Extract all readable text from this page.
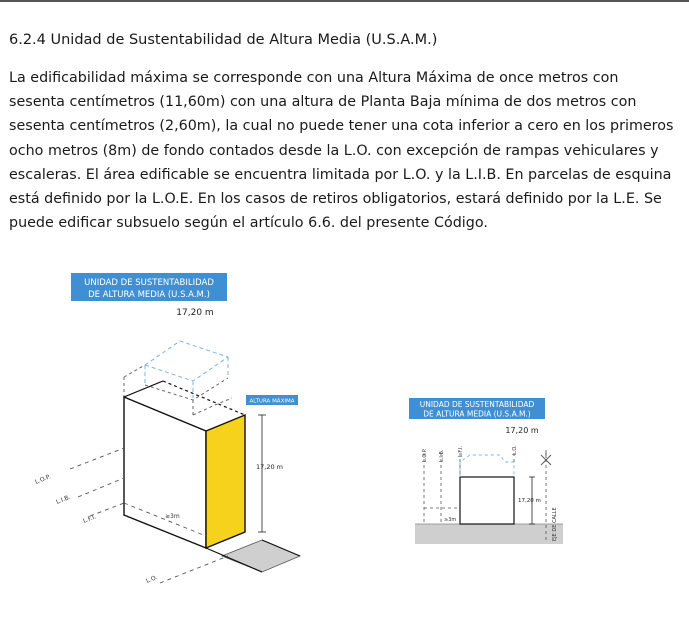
6.2.4 Unidad de Sustentabilidad de Altura Media (U.S.A.M.)
La edificabilidad máxima se corresponde con una Altura Máxima de once metros con
sesenta centímetros (11,60m) con una altura de Planta Baja mínima de dos metros con
sesenta centímetros (2,60m), la cual no puede tener una cota inferior a cero en los primeros
ocho metros (8m) de fondo contados desde la L.O. con excepción de rampas vehiculares y
escaleras. El área edificable se encuentra limitada por L.O. y la L.I.B. En parcelas de esquina
está definido por la L.O.E. En los casos de retiros obligatorios, estará definido por la L.E. Se
puede edificar subsuelo según el artículo 6.6. del presente Código.
UNIDAD DE SUSTENTABILIDAD
DE ALTURA MEDIA (U.S.A.M.)
17,20 m
ALTURA MÁXIMA
17,20 m
L.O.P.
L.I.B.
L.F.I.
L.O.
≥3m
UNIDAD DE SUSTENTABILIDAD
DE ALTURA MEDIA (U.S.A.M.)
17,20 m
L.O.P. L.I.B.	L.F.I.	L.O.
17,20 m
≥3m	EJE DE CALLE
